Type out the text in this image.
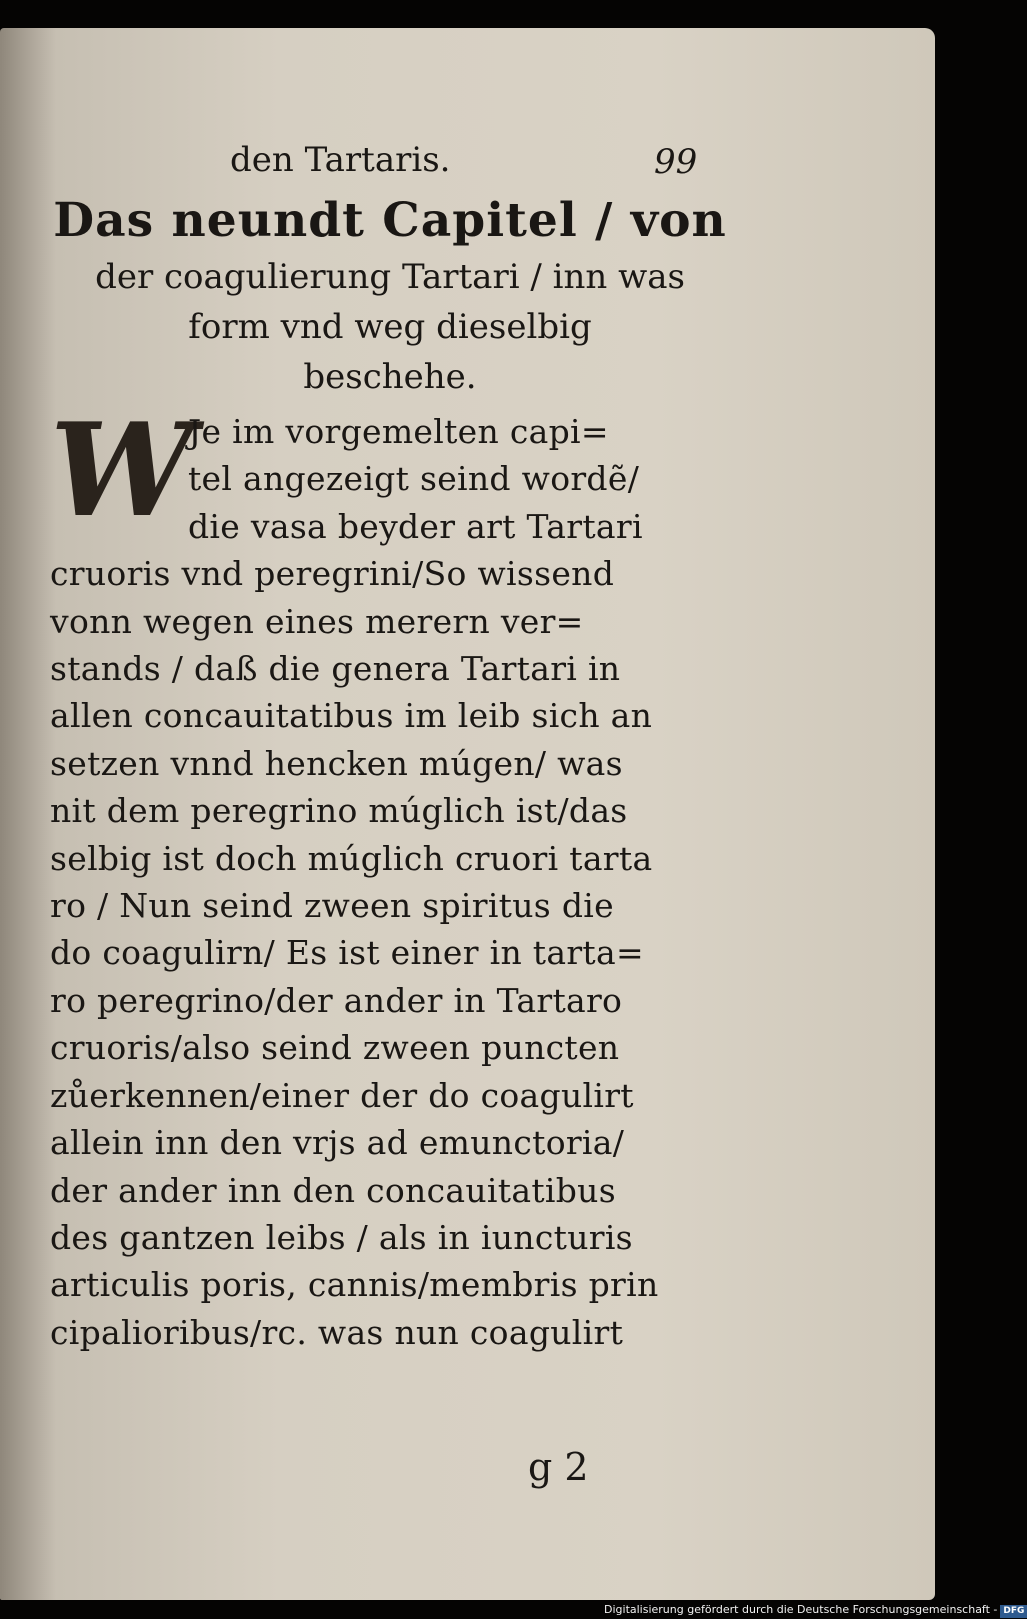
den Tartaris.	99
Das neundt Capitel / von
der coagulierung Tartari / inn was
form vnd weg dieselbig
beschehe.
W
Je im vorgemelten capi=
tel angezeigt seind wordẽ/
die vasa beyder art Tartari
cruoris vnd peregrini/So wissend
vonn wegen eines merern ver=
stands / daß die genera Tartari in
allen concauitatibus im leib sich an
setzen vnnd hencken múgen/ was
nit dem peregrino múglich ist/das
selbig ist doch múglich cruori tarta
ro / Nun seind zween spiritus die
do coagulirn/ Es ist einer in tarta=
ro peregrino/der ander in Tartaro
cruoris/also seind zween puncten
zůerkennen/einer der do coagulirt
allein inn den vrjs ad emunctoria/
der ander inn den concauitatibus
des gantzen leibs / als in iuncturis
articulis poris, cannis/membris prin
cipalioribus/rc. was nun coagulirt
g 2
Digitalisierung gefördert durch die Deutsche Forschungsgemeinschaft - DFG
